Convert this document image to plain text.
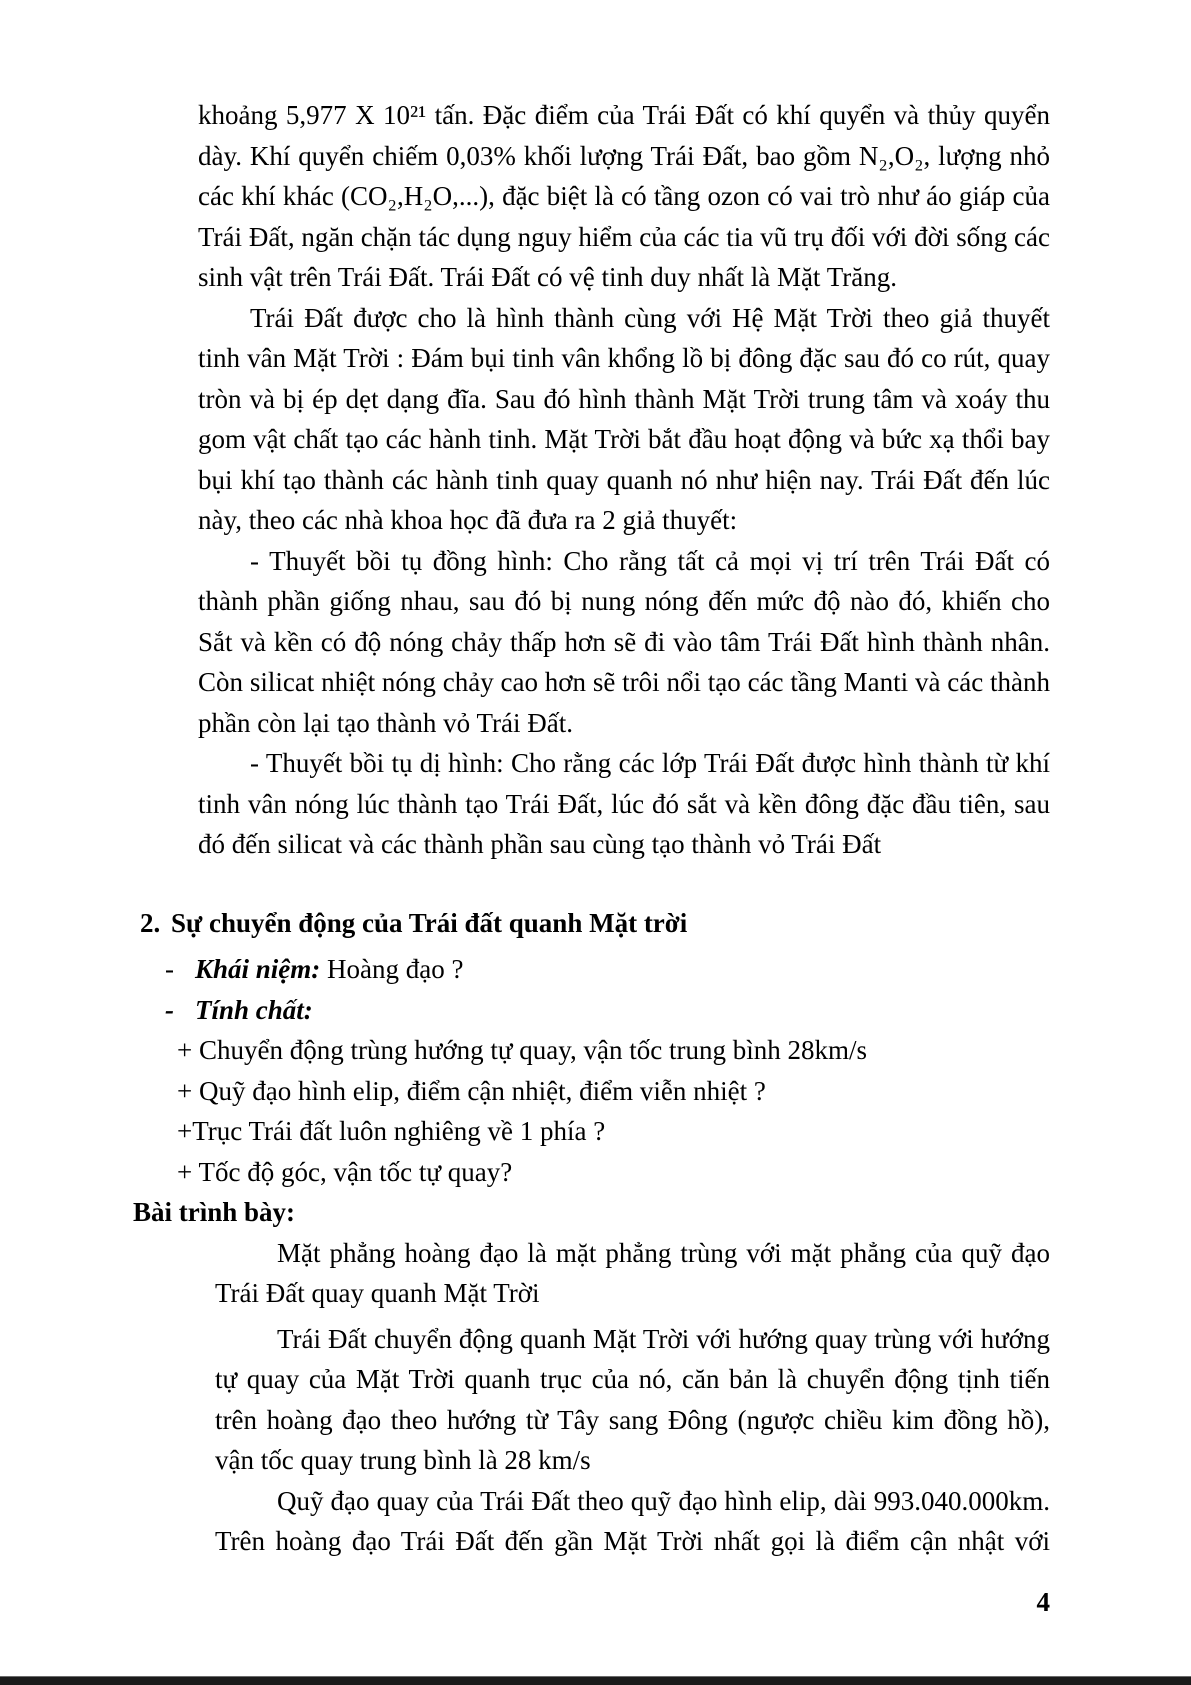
khoảng 5,977 X 10²¹ tấn. Đặc điểm của Trái Đất có khí quyển và thủy quyển dày. Khí quyển chiếm 0,03% khối lượng Trái Đất, bao gồm N₂,O₂, lượng nhỏ các khí khác (CO₂,H₂O,...), đặc biệt là có tầng ozon có vai trò như áo giáp của Trái Đất, ngăn chặn tác dụng nguy hiểm của các tia vũ trụ đối với đời sống các sinh vật trên Trái Đất. Trái Đất có vệ tinh duy nhất là Mặt Trăng.
Trái Đất được cho là hình thành cùng với Hệ Mặt Trời theo giả thuyết tinh vân Mặt Trời : Đám bụi tinh vân khổng lồ bị đông đặc sau đó co rút, quay tròn và bị ép dẹt dạng đĩa. Sau đó hình thành Mặt Trời trung tâm và xoáy thu gom vật chất tạo các hành tinh. Mặt Trời bắt đầu hoạt động và bức xạ thổi bay bụi khí tạo thành các hành tinh quay quanh nó như hiện nay. Trái Đất đến lúc này, theo các nhà khoa học đã đưa ra 2 giả thuyết:
- Thuyết bồi tụ đồng hình: Cho rằng tất cả mọi vị trí trên Trái Đất có thành phần giống nhau, sau đó bị nung nóng đến mức độ nào đó, khiến cho Sắt và kền có độ nóng chảy thấp hơn sẽ đi vào tâm Trái Đất hình thành nhân. Còn silicat nhiệt nóng chảy cao hơn sẽ trôi nổi tạo các tầng Manti và các thành phần còn lại tạo thành vỏ Trái Đất.
- Thuyết bồi tụ dị hình: Cho rằng các lớp Trái Đất được hình thành từ khí tinh vân nóng lúc thành tạo Trái Đất, lúc đó sắt và kền đông đặc đầu tiên, sau đó đến silicat và các thành phần sau cùng tạo thành vỏ Trái Đất
2. Sự chuyển động của Trái đất quanh Mặt trời
- Khái niệm: Hoàng đạo ?
- Tính chất:
+ Chuyển động trùng hướng tự quay, vận tốc trung bình 28km/s
+ Quỹ đạo hình elip, điểm cận nhiệt, điểm viễn nhiệt ?
+Trục Trái đất luôn nghiêng về 1 phía ?
+ Tốc độ góc, vận tốc tự quay?
Bài trình bày:
Mặt phẳng hoàng đạo là mặt phẳng trùng với mặt phẳng của quỹ đạo Trái Đất quay quanh Mặt Trời
Trái Đất chuyển động quanh Mặt Trời với hướng quay trùng với hướng tự quay của Mặt Trời quanh trục của nó, căn bản là chuyển động tịnh tiến trên hoàng đạo theo hướng từ Tây sang Đông (ngược chiều kim đồng hồ), vận tốc quay trung bình là 28 km/s
Quỹ đạo quay của Trái Đất theo quỹ đạo hình elip, dài 993.040.000km. Trên hoàng đạo Trái Đất đến gần Mặt Trời nhất gọi là điểm cận nhật với
4
